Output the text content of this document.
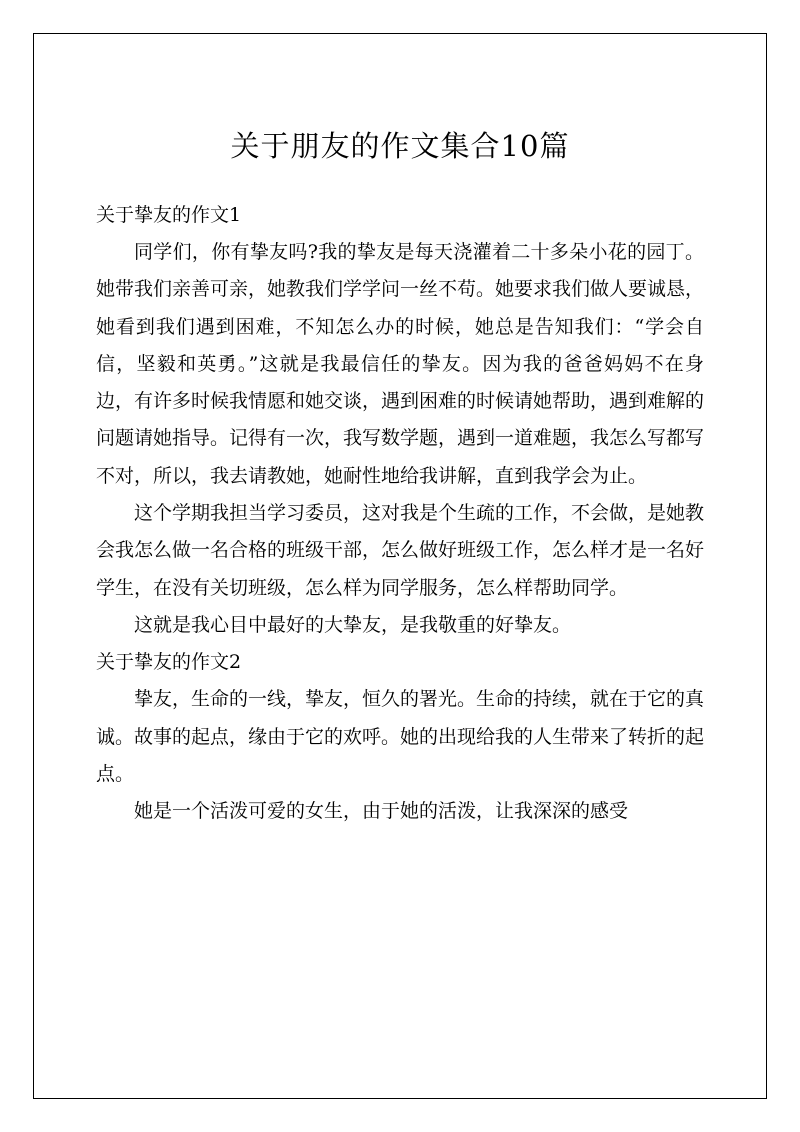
关于朋友的作文集合10篇
关于挚友的作文1

同学们，你有挚友吗?我的挚友是每天浇灌着二十多朵小花的园丁。她带我们亲善可亲，她教我们学学问一丝不苟。她要求我们做人要诚恳，她看到我们遇到困难，不知怎么办的时候，她总是告知我们：“学会自信，坚毅和英勇。”这就是我最信任的挚友。因为我的爸爸妈妈不在身边，有许多时候我情愿和她交谈，遇到困难的时候请她帮助，遇到难解的问题请她指导。记得有一次，我写数学题，遇到一道难题，我怎么写都写不对，所以，我去请教她，她耐性地给我讲解，直到我学会为止。

这个学期我担当学习委员，这对我是个生疏的工作，不会做，是她教会我怎么做一名合格的班级干部，怎么做好班级工作，怎么样才是一名好学生，在没有关切班级，怎么样为同学服务，怎么样帮助同学。

这就是我心目中最好的大挚友，是我敬重的好挚友。

关于挚友的作文2

挚友，生命的一线，挚友，恒久的署光。生命的持续，就在于它的真诚。故事的起点，缘由于它的欢呼。她的出现给我的人生带来了转折的起点。

她是一个活泼可爱的女生，由于她的活泼，让我深深的感受
